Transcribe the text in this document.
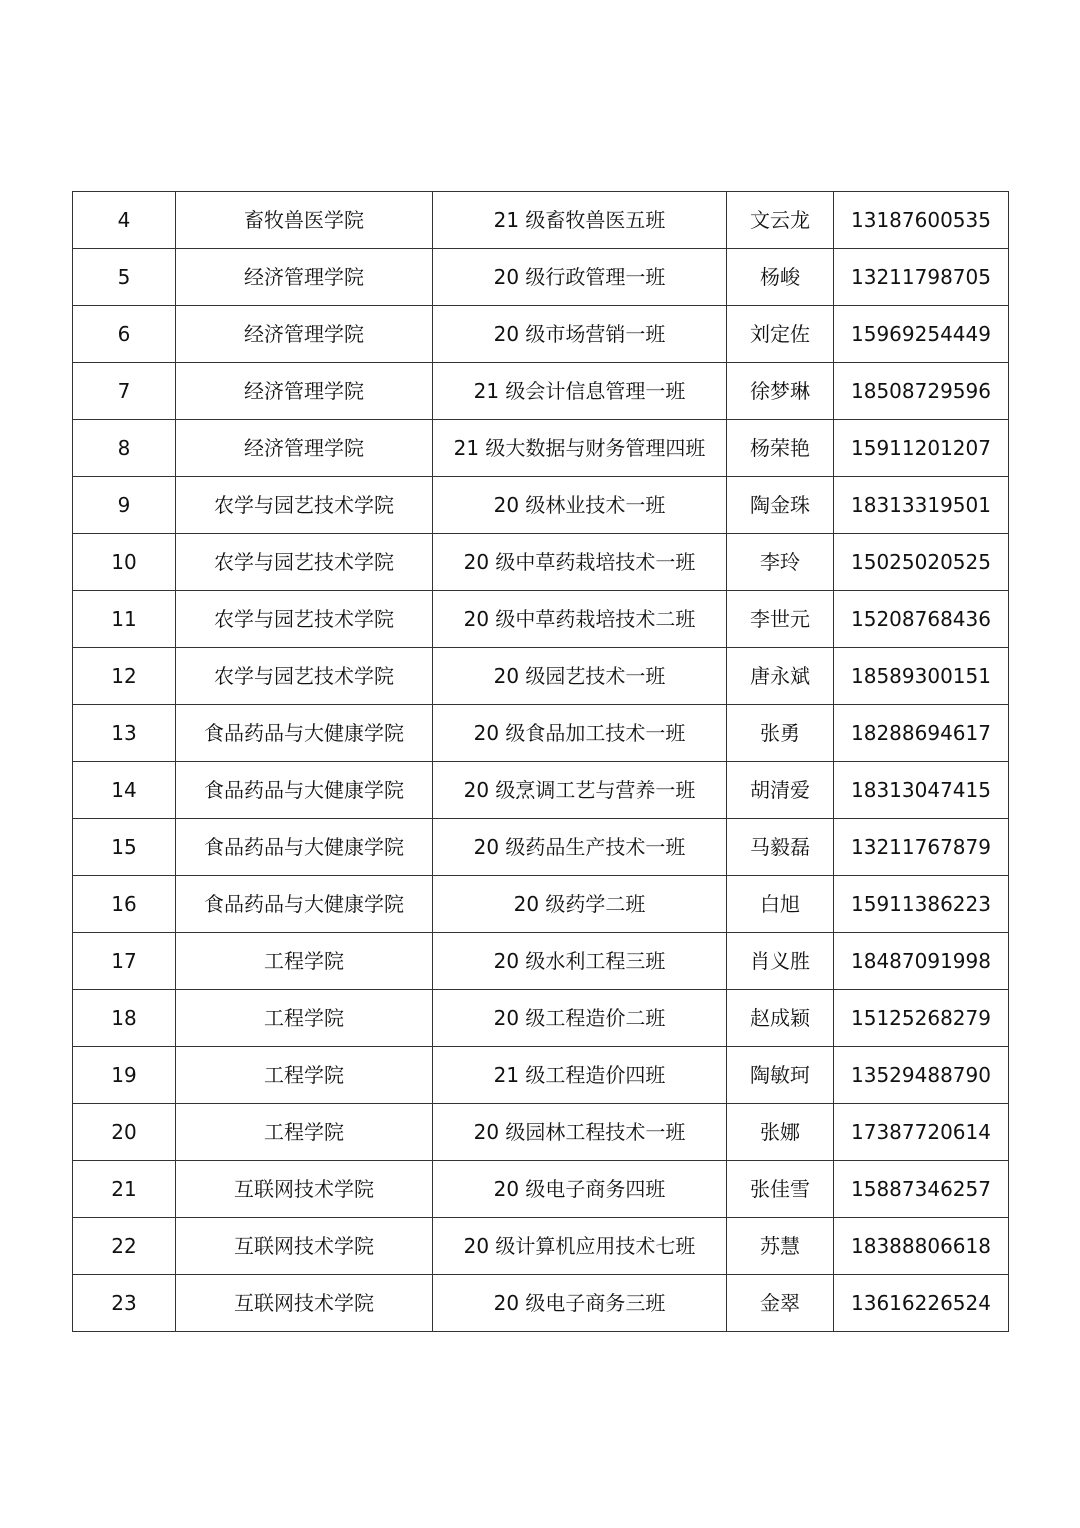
4	畜牧兽医学院	21 级畜牧兽医五班	文云龙	13187600535
5	经济管理学院	20 级行政管理一班	杨峻	13211798705
6	经济管理学院	20 级市场营销一班	刘定佐	15969254449
7	经济管理学院	21 级会计信息管理一班	徐梦琳	18508729596
8	经济管理学院	21 级大数据与财务管理四班	杨荣艳	15911201207
9	农学与园艺技术学院	20 级林业技术一班	陶金珠	18313319501
10	农学与园艺技术学院	20 级中草药栽培技术一班	李玲	15025020525
11	农学与园艺技术学院	20 级中草药栽培技术二班	李世元	15208768436
12	农学与园艺技术学院	20 级园艺技术一班	唐永斌	18589300151
13	食品药品与大健康学院	20 级食品加工技术一班	张勇	18288694617
14	食品药品与大健康学院	20 级烹调工艺与营养一班	胡清爱	18313047415
15	食品药品与大健康学院	20 级药品生产技术一班	马毅磊	13211767879
16	食品药品与大健康学院	20 级药学二班	白旭	15911386223
17	工程学院	20 级水利工程三班	肖义胜	18487091998
18	工程学院	20 级工程造价二班	赵成颖	15125268279
19	工程学院	21 级工程造价四班	陶敏珂	13529488790
20	工程学院	20 级园林工程技术一班	张娜	17387720614
21	互联网技术学院	20 级电子商务四班	张佳雪	15887346257
22	互联网技术学院	20 级计算机应用技术七班	苏慧	18388806618
23	互联网技术学院	20 级电子商务三班	金翠	13616226524
